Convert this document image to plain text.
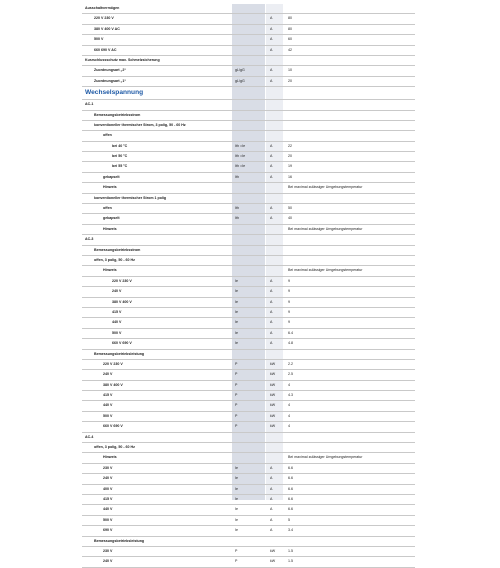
Ausschaltvermögen
220 V 230 V	A	80
380 V 400 V AC	A	80
500 V	A	60
660 690 V AC	A	42
Kurzschlussschutz max. Schmelzsicherung
Zuordnungsart „2“	gL/gG	A	10
Zuordnungsart „1“	gL/gG	A	20
Wechselspannung
AC-1
Bemessungsbetriebsstrom
konventioneller thermischer Strom, 3 polig, 50 - 60 Hz
offen
bei 40 °C	Ith =Ie	A	22
bei 50 °C	Ith =Ie	A	20
bei 55 °C	Ith =Ie	A	19
gekapselt	Ith	A	16
Hinweis	Bei maximal zulässiger Umgebungstemperatur
konventioneller thermischer Strom 1 polig
offen	Ith	A	50
gekapselt	Ith	A	40
Hinweis	Bei maximal zulässiger Umgebungstemperatur
AC-3
Bemessungsbetriebsstrom
offen, 3 polig, 50 - 60 Hz
Hinweis	Bei maximal zulässiger Umgebungstemperatur
220 V 230 V	Ie	A	9
240 V	Ie	A	9
380 V 400 V	Ie	A	9
415 V	Ie	A	9
440 V	Ie	A	9
500 V	Ie	A	6.4
660 V 690 V	Ie	A	4.8
Bemessungsbetriebsleistung
220 V 230 V	P	kW	2.2
240 V	P	kW	2.5
380 V 400 V	P	kW	4
415 V	P	kW	4.3
440 V	P	kW	4
500 V	P	kW	4
660 V 690 V	P	kW	4
AC-4
offen, 3 polig, 50 - 60 Hz
Hinweis	Bei maximal zulässiger Umgebungstemperatur
230 V	Ie	A	6.6
240 V	Ie	A	6.6
400 V	Ie	A	6.6
415 V	Ie	A	6.6
440 V	Ie	A	6.6
500 V	Ie	A	5
690 V	Ie	A	3.4
Bemessungsbetriebsleistung
230 V	P	kW	1.5
240 V	P	kW	1.5
